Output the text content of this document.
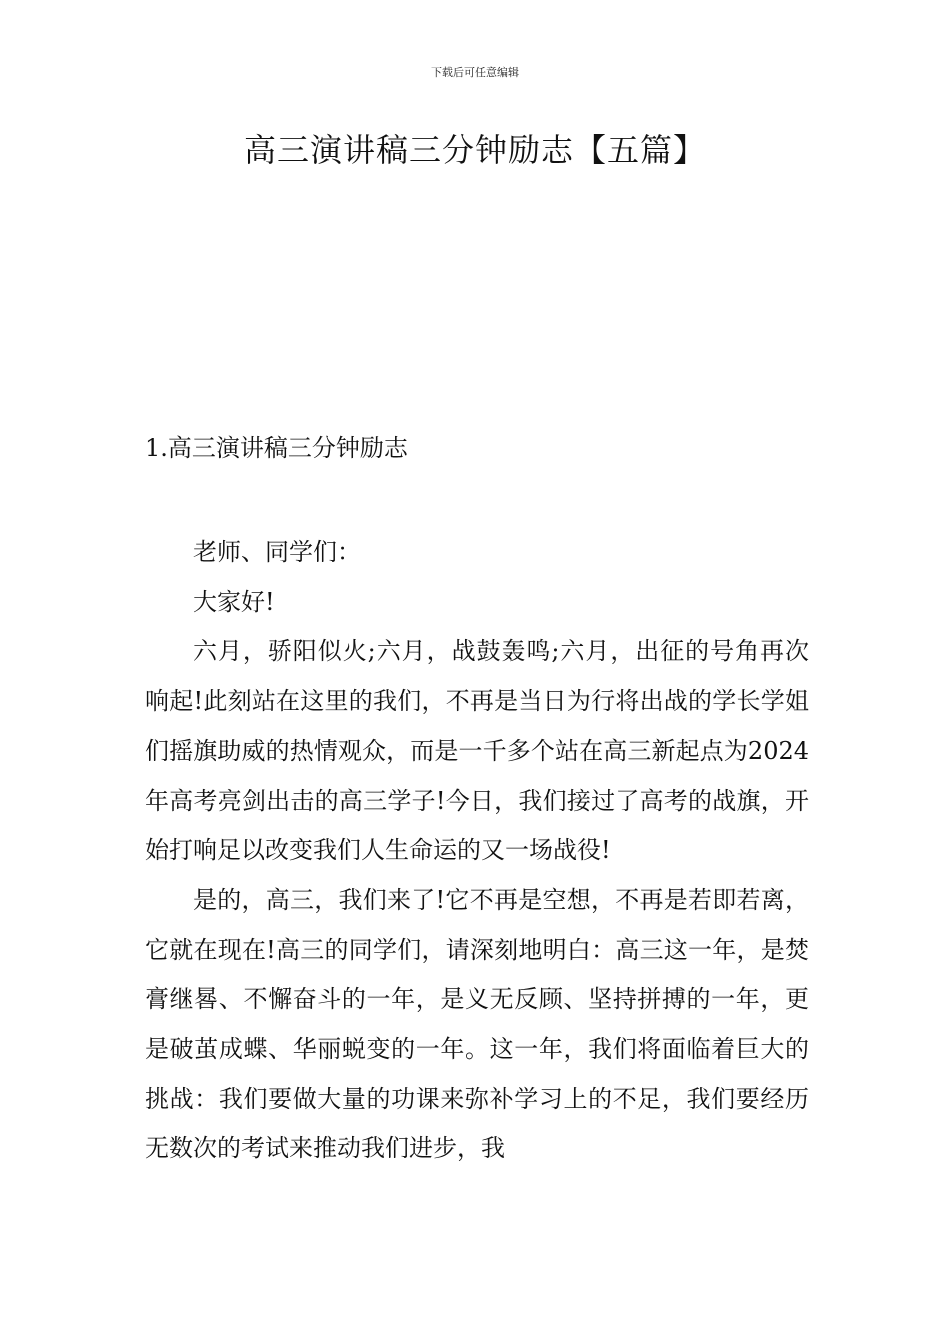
下载后可任意编辑
高三演讲稿三分钟励志【五篇】
1.高三演讲稿三分钟励志

老师、同学们：

大家好!

六月，骄阳似火;六月，战鼓轰鸣;六月，出征的号角再次响起!此刻站在这里的我们，不再是当日为行将出战的学长学姐们摇旗助威的热情观众，而是一千多个站在高三新起点为2024年高考亮剑出击的高三学子!今日，我们接过了高考的战旗，开始打响足以改变我们人生命运的又一场战役!

是的，高三，我们来了!它不再是空想，不再是若即若离，它就在现在!高三的同学们，请深刻地明白：高三这一年，是焚膏继晷、不懈奋斗的一年，是义无反顾、坚持拼搏的一年，更是破茧成蝶、华丽蜕变的一年。这一年，我们将面临着巨大的挑战：我们要做大量的功课来弥补学习上的不足，我们要经历无数次的考试来推动我们进步，我
